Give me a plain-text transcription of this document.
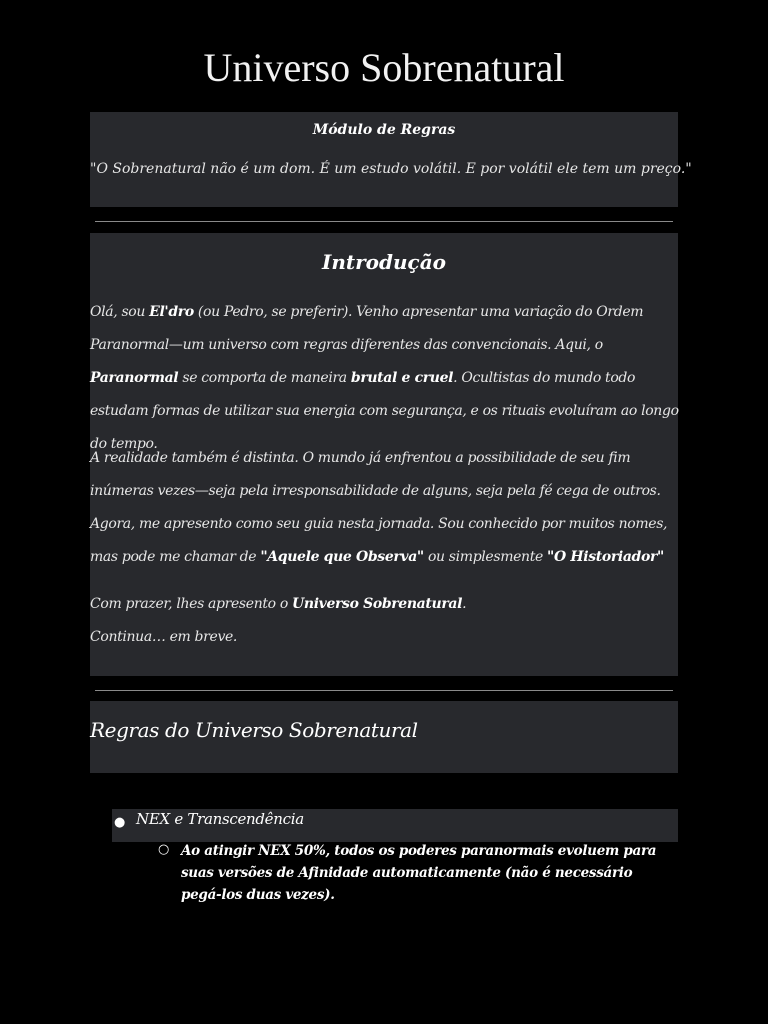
Universo Sobrenatural
Módulo de Regras
"O Sobrenatural não é um dom. É um estudo volátil. E por volátil ele tem um preço."
Introdução
Olá, sou El'dro (ou Pedro, se preferir). Venho apresentar uma variação do Ordem Paranormal—um universo com regras diferentes das convencionais. Aqui, o Paranormal se comporta de maneira brutal e cruel. Ocultistas do mundo todo estudam formas de utilizar sua energia com segurança, e os rituais evoluíram ao longo do tempo.
A realidade também é distinta. O mundo já enfrentou a possibilidade de seu fim inúmeras vezes—seja pela irresponsabilidade de alguns, seja pela fé cega de outros. Agora, me apresento como seu guia nesta jornada. Sou conhecido por muitos nomes, mas pode me chamar de "Aquele que Observa" ou simplesmente "O Historiador"
Com prazer, lhes apresento o Universo Sobrenatural.
Continua… em breve.
Regras do Universo Sobrenatural
● NEX e Transcendência
○ Ao atingir NEX 50%, todos os poderes paranormais evoluem para suas versões de Afinidade automaticamente (não é necessário pegá-los duas vezes).
